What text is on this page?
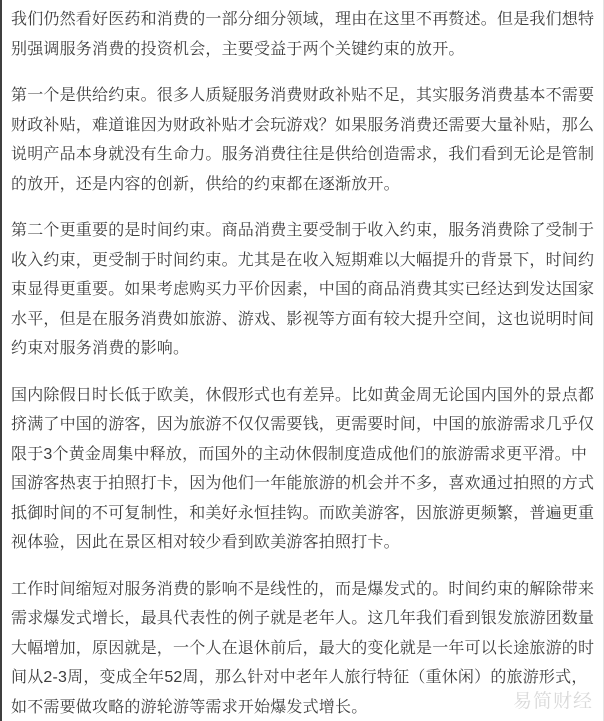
我们仍然看好医药和消费的一部分细分领域，理由在这里不再赘述。但是我们想特
别强调服务消费的投资机会，主要受益于两个关键约束的放开。

第一个是供给约束。很多人质疑服务消费财政补贴不足，其实服务消费基本不需要
财政补贴，难道谁因为财政补贴才会玩游戏？如果服务消费还需要大量补贴，那么
说明产品本身就没有生命力。服务消费往往是供给创造需求，我们看到无论是管制
的放开，还是内容的创新，供给的约束都在逐渐放开。

第二个更重要的是时间约束。商品消费主要受制于收入约束，服务消费除了受制于
收入约束，更受制于时间约束。尤其是在收入短期难以大幅提升的背景下，时间约
束显得更重要。如果考虑购买力平价因素，中国的商品消费其实已经达到发达国家
水平，但是在服务消费如旅游、游戏、影视等方面有较大提升空间，这也说明时间
约束对服务消费的影响。

国内除假日时长低于欧美，休假形式也有差异。比如黄金周无论国内国外的景点都
挤满了中国的游客，因为旅游不仅仅需要钱，更需要时间，中国的旅游需求几乎仅
限于3个黄金周集中释放，而国外的主动休假制度造成他们的旅游需求更平滑。中
国游客热衷于拍照打卡，因为他们一年能旅游的机会并不多，喜欢通过拍照的方式
抵御时间的不可复制性，和美好永恒挂钩。而欧美游客，因旅游更频繁，普遍更重
视体验，因此在景区相对较少看到欧美游客拍照打卡。

工作时间缩短对服务消费的影响不是线性的，而是爆发式的。时间约束的解除带来
需求爆发式增长，最具代表性的例子就是老年人。这几年我们看到银发旅游团数量
大幅增加，原因就是，一个人在退休前后，最大的变化就是一年可以长途旅游的时
间从2-3周，变成全年52周，那么针对中老年人旅行特征（重休闲）的旅游形式，
如不需要做攻略的游轮游等需求开始爆发式增长。	易简财经
